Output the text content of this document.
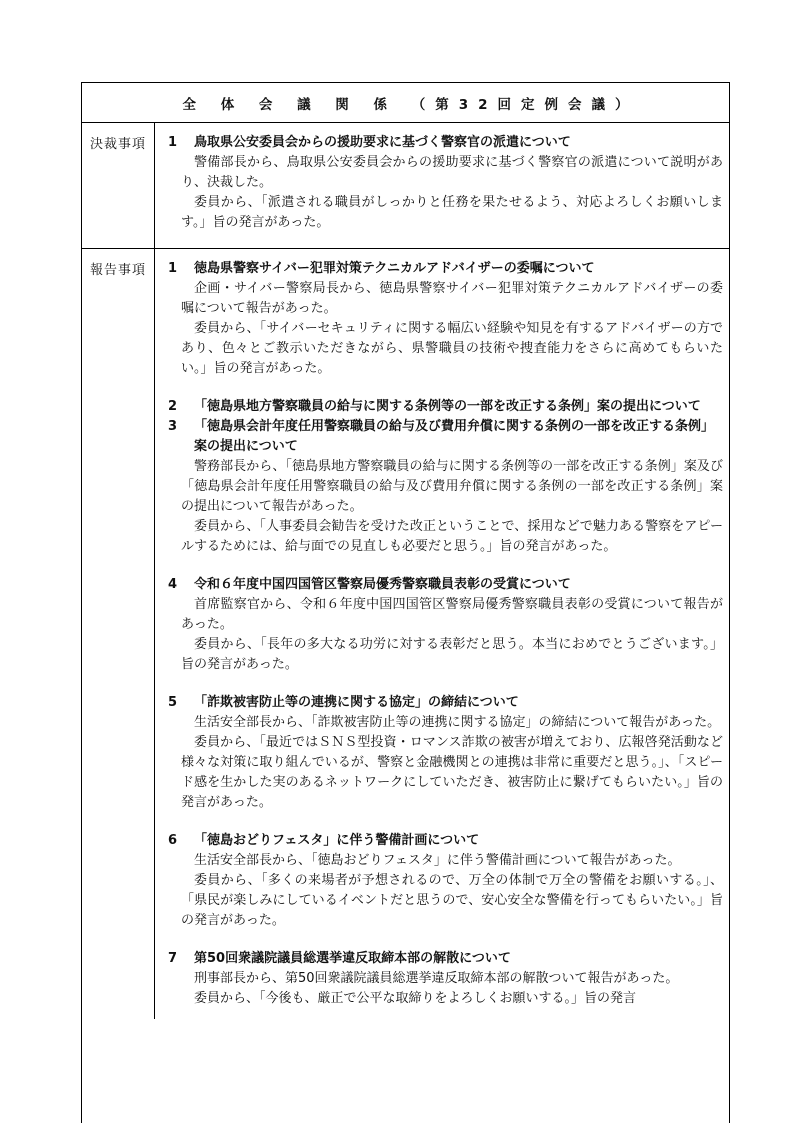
全 体 会 議 関 係 （第32回定例会議）
決裁事項	1	鳥取県公安委員会からの援助要求に基づく警察官の派遣について
警備部長から、鳥取県公安委員会からの援助要求に基づく警察官の派遣について説明があり、決裁した。
委員から、「派遣される職員がしっかりと任務を果たせるよう、対応よろしくお願いします。」旨の発言があった。
報告事項	1	徳島県警察サイバー犯罪対策テクニカルアドバイザーの委嘱について
企画・サイバー警察局長から、徳島県警察サイバー犯罪対策テクニカルアドバイザーの委嘱について報告があった。
委員から、「サイバーセキュリティに関する幅広い経験や知見を有するアドバイザーの方であり、色々とご教示いただきながら、県警職員の技術や捜査能力をさらに高めてもらいたい。」旨の発言があった。
2	「徳島県地方警察職員の給与に関する条例等の一部を改正する条例」案の提出について
3	「徳島県会計年度任用警察職員の給与及び費用弁償に関する条例の一部を改正する条例」案の提出について
警務部長から、「徳島県地方警察職員の給与に関する条例等の一部を改正する条例」案及び「徳島県会計年度任用警察職員の給与及び費用弁償に関する条例の一部を改正する条例」案の提出について報告があった。
委員から、「人事委員会勧告を受けた改正ということで、採用などで魅力ある警察をアピールするためには、給与面での見直しも必要だと思う。」旨の発言があった。
4	令和６年度中国四国管区警察局優秀警察職員表彰の受賞について
首席監察官から、令和６年度中国四国管区警察局優秀警察職員表彰の受賞について報告があった。
委員から、「長年の多大なる功労に対する表彰だと思う。本当におめでとうございます。」旨の発言があった。
5	「詐欺被害防止等の連携に関する協定」の締結について
生活安全部長から、「詐欺被害防止等の連携に関する協定」の締結について報告があった。
委員から、「最近ではＳＮＳ型投資・ロマンス詐欺の被害が増えており、広報啓発活動など様々な対策に取り組んでいるが、警察と金融機関との連携は非常に重要だと思う。」、「スピード感を生かした実のあるネットワークにしていただき、被害防止に繋げてもらいたい。」旨の発言があった。
6	「徳島おどりフェスタ」に伴う警備計画について
生活安全部長から、「徳島おどりフェスタ」に伴う警備計画について報告があった。
委員から、「多くの来場者が予想されるので、万全の体制で万全の警備をお願いする。」、「県民が楽しみにしているイベントだと思うので、安心安全な警備を行ってもらいたい。」旨の発言があった。
7	第50回衆議院議員総選挙違反取締本部の解散について
刑事部長から、第50回衆議院議員総選挙違反取締本部の解散ついて報告があった。
委員から、「今後も、厳正で公平な取締りをよろしくお願いする。」旨の発言
